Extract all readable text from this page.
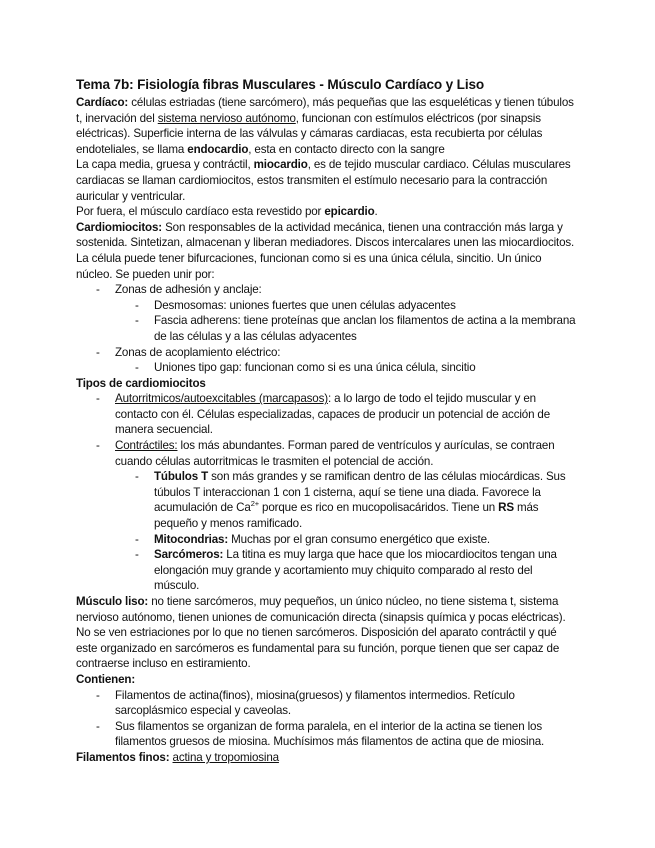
Tema 7b: Fisiología fibras Musculares - Músculo Cardíaco y Liso

Cardíaco: células estriadas (tiene sarcómero), más pequeñas que las esqueléticas y tienen túbulos t, inervación del sistema nervioso autónomo, funcionan con estímulos eléctricos (por sinapsis eléctricas). Superficie interna de las válvulas y cámaras cardiacas, esta recubierta por células endoteliales, se llama endocardio, esta en contacto directo con la sangre

La capa media, gruesa y contráctil, miocardio, es de tejido muscular cardiaco. Células musculares cardiacas se llaman cardiomiocitos, estos transmiten el estímulo necesario para la contracción auricular y ventricular.

Por fuera, el músculo cardíaco esta revestido por epicardio.

Cardiomiocitos: Son responsables de la actividad mecánica, tienen una contracción más larga y sostenida. Sintetizan, almacenan y liberan mediadores. Discos intercalares unen las miocardiocitos. La célula puede tener bifurcaciones, funcionan como si es una única célula, sincitio. Un único núcleo. Se pueden unir por:

- Zonas de adhesión y anclaje:
- Desmosomas: uniones fuertes que unen células adyacentes
- Fascia adherens: tiene proteínas que anclan los filamentos de actina a la membrana de las células y a las células adyacentes
- Zonas de acoplamiento eléctrico:
- Uniones tipo gap: funcionan como si es una única célula, sincitio

Tipos de cardiomiocitos

- Autorritmicos/autoexcitables (marcapasos): a lo largo de todo el tejido muscular y en contacto con él. Células especializadas, capaces de producir un potencial de acción de manera secuencial.
- Contráctiles: los más abundantes. Forman pared de ventrículos y aurículas, se contraen cuando células autorritmicas le trasmiten el potencial de acción.
- Túbulos T son más grandes y se ramifican dentro de las células miocárdicas. Sus túbulos T interaccionan 1 con 1 cisterna, aquí se tiene una diada. Favorece la acumulación de $Ca^{2+}$ porque es rico en mucopolisacáridos. Tiene un RS más pequeño y menos ramificado.
- Mitocondrias: Muchas por el gran consumo energético que existe.
- Sarcómeros: La titina es muy larga que hace que los miocardiocitos tengan una elongación muy grande y acortamiento muy chiquito comparado al resto del músculo.

Músculo liso: no tiene sarcómeros, muy pequeños, un único núcleo, no tiene sistema t, sistema nervioso autónomo, tienen uniones de comunicación directa (sinapsis química y pocas eléctricas). No se ven estriaciones por lo que no tienen sarcómeros. Disposición del aparato contráctil y qué este organizado en sarcómeros es fundamental para su función, porque tienen que ser capaz de contraerse incluso en estiramiento.

Contienen:

- Filamentos de actina(finos), miosina(gruesos) y filamentos intermedios. Retículo sarcoplásmico especial y caveolas.
- Sus filamentos se organizan de forma paralela, en el interior de la actina se tienen los filamentos gruesos de miosina. Muchísimos más filamentos de actina que de miosina.

Filamentos finos: actina y tropomiosina
